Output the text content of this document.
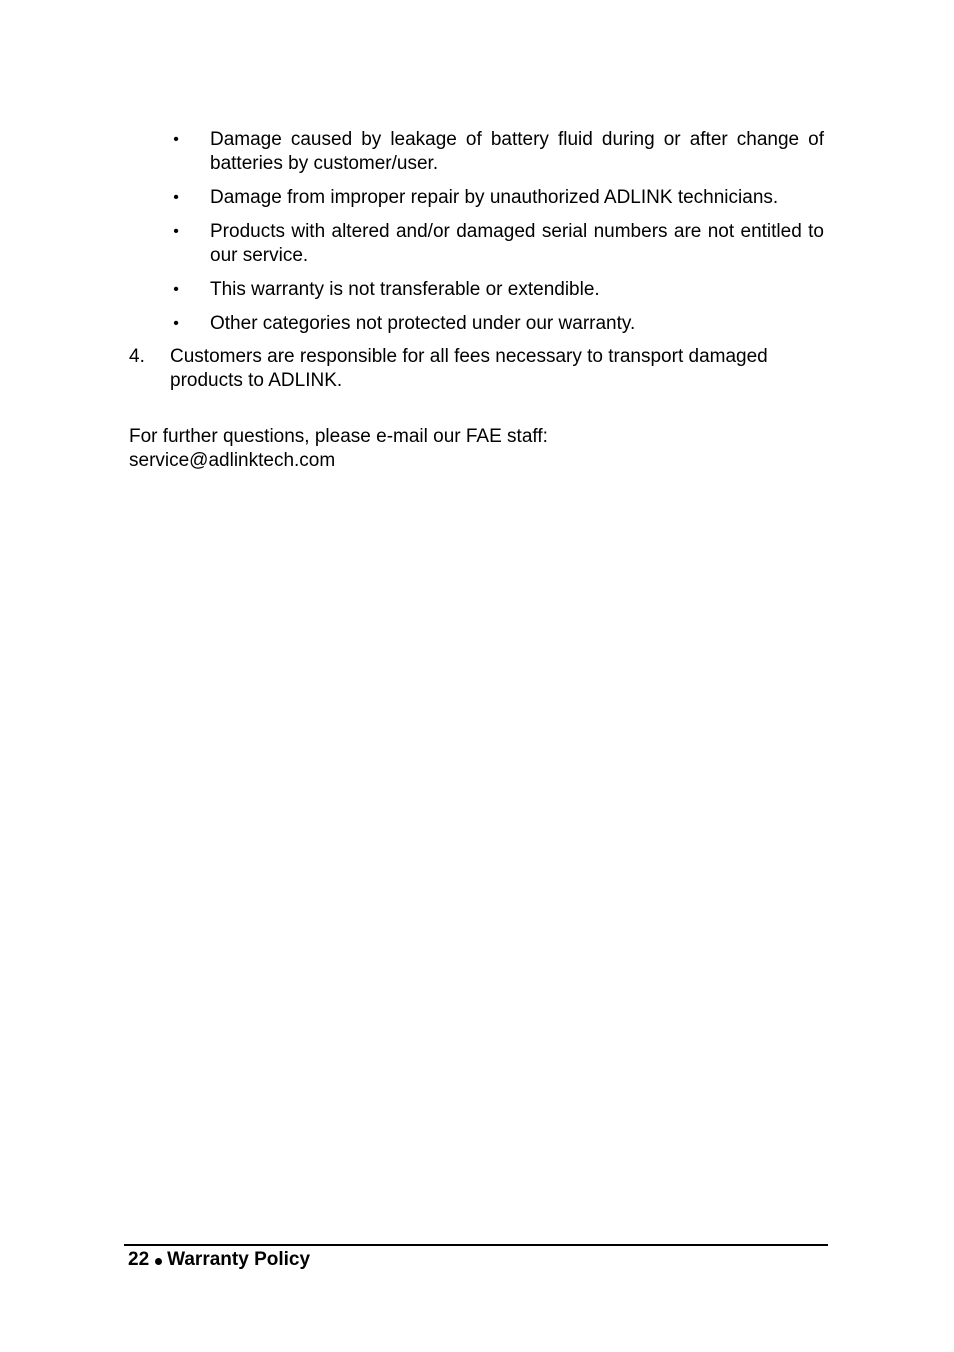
• Damage caused by leakage of battery fluid during or after change of batteries by customer/user.
• Damage from improper repair by unauthorized ADLINK technicians.
• Products with altered and/or damaged serial numbers are not entitled to our service.
• This warranty is not transferable or extendible.
• Other categories not protected under our warranty.
4. Customers are responsible for all fees necessary to transport damaged products to ADLINK.
For further questions, please e-mail our FAE staff:
service@adlinktech.com
22 Warranty Policy
